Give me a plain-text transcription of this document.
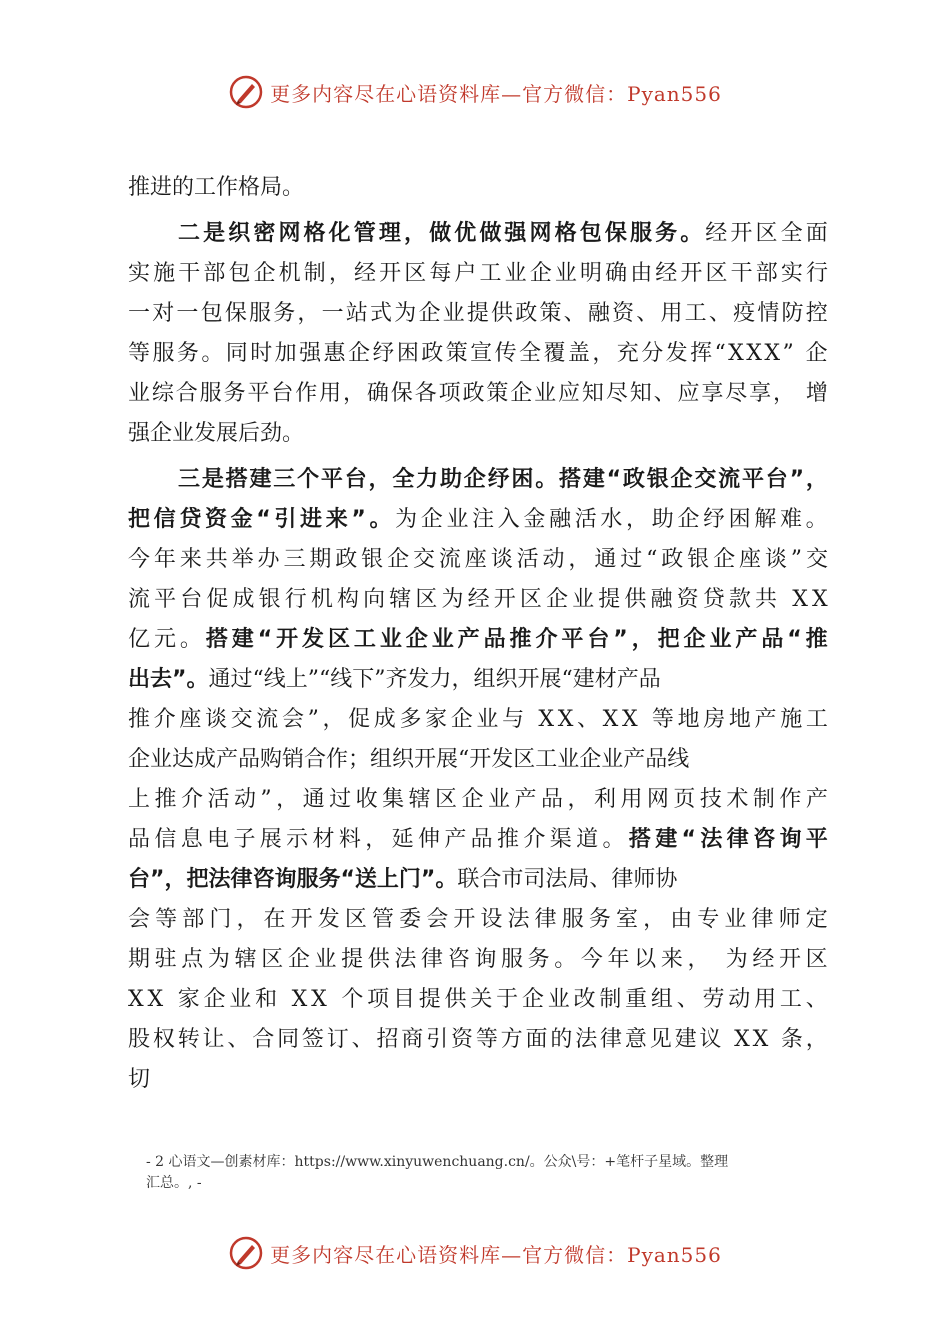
更多内容尽在心语资料库—官方微信：Pyan556
推进的工作格局。
二 是 织 密 网 格 化 管 理 ， 做 优 做 强 网 格 包 保 服 务 。 经 开 区 全 面
实 施 干 部 包 企 机 制 ， 经 开 区 每 户 工 业 企 业 明 确 由 经 开 区 干 部 实 行
一 对 一 包 保 服 务 ， 一 站 式 为 企 业 提 供 政 策 、 融 资 、 用 工 、 疫 情 防 控
等 服 务 。 同 时 加 强 惠 企 纾 困 政 策 宣 传 全 覆 盖 ， 充 分 发 挥 “ X X X ”
企
业 综 合 服 务 平 台 作 用 ， 确 保 各 项 政 策 企 业 应 知 尽 知 、 应 享 尽 享 ，
增
强企业发展后劲。
三 是 搭 建 三 个 平 台 ， 全 力 助 企 纾 困 。 搭 建 “ 政 银 企 交 流 平 台 ” ，
把 信 贷 资 金 “ 引 进 来 ” 。 为 企 业 注 入 金 融 活 水 ， 助 企 纾 困 解 难 。
今 年 来 共 举 办 三 期 政 银 企 交 流 座 谈 活 动 ， 通 过 “ 政 银 企 座 谈 ” 交
流 平 台 促 成 银 行 机 构 向 辖 区 为 经 开 区 企 业 提 供 融 资 贷 款 共
X X
亿 元 。 搭 建 “ 开 发 区 工 业 企 业 产 品 推 介 平 台 ” ， 把 企 业 产 品 “ 推
出去”。 通过“线上”“线下”齐发力，组织开展“建材产品
推 介 座 谈 交 流 会 ” ， 促 成 多 家 企 业 与
X X 、 X X
等 地 房 地 产 施 工
企业达成产品购销合作；组织开展“开发区工业企业产品线
上 推 介 活 动 ” ， 通 过 收 集 辖 区 企 业 产 品 ， 利 用 网 页 技 术 制 作 产
品 信 息 电 子 展 示 材 料 ， 延 伸 产 品 推 介 渠 道 。 搭 建 “ 法 律 咨 询 平
台”，把法律咨询服务“送上门”。 联合市司法局、律师协
会 等 部 门 ， 在 开 发 区 管 委 会 开 设 法 律 服 务 室 ， 由 专 业 律 师 定
期 驻 点 为 辖 区 企 业 提 供 法 律 咨 询 服 务 。 今 年 以 来 ，
为 经 开 区
X X
家 企 业 和
X X
个 项 目 提 供 关 于 企 业 改 制 重 组 、 劳 动 用 工 、
股 权 转 让 、 合 同 签 订 、 招 商 引 资 等 方 面 的 法 律 意 见 建 议
X X
条 ，
切
- 2 心语文—创素材库：https://www.xinyuwenchuang.cn/。公众\号：+笔杆子星域。整理
汇总。, -
更多内容尽在心语资料库—官方微信：Pyan556
